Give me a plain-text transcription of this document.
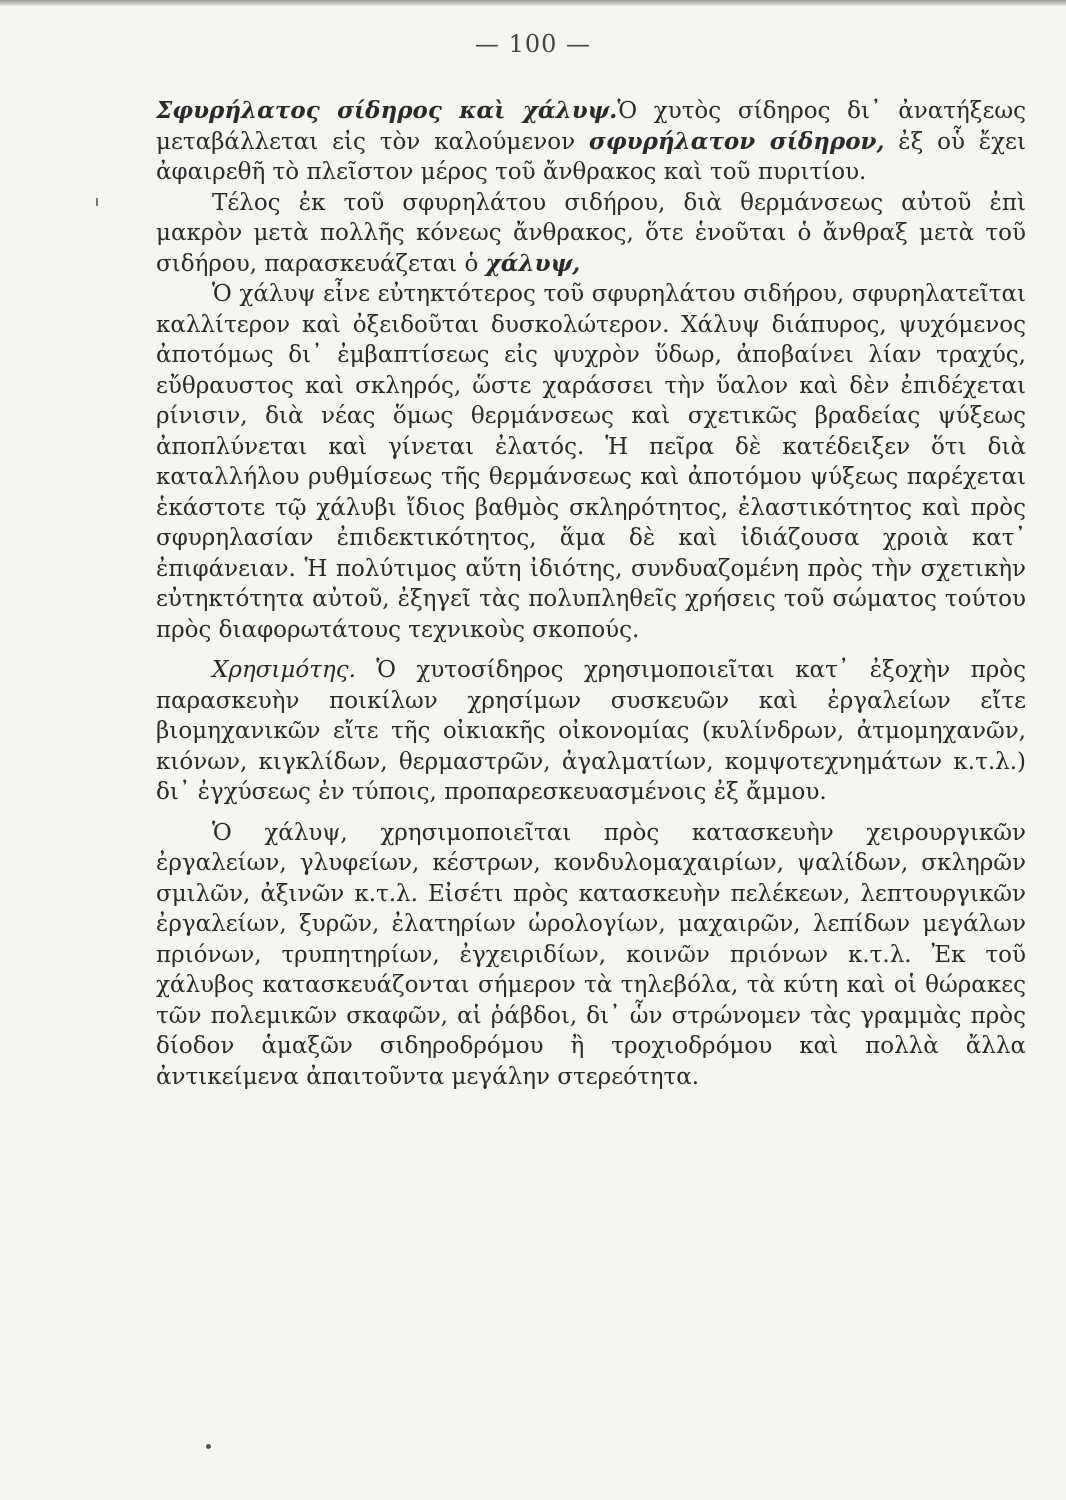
— 100 —

Σφυρήλατος σίδηρος καὶ χάλυψ.Ὁ χυτὸς σίδηρος δι᾽ ἀνατήξεως μεταβάλλεται εἰς τὸν καλούμενον σφυρήλατον σίδηρον, ἐξ οὗ ἔχει ἀφαιρεθῆ τὸ πλεῖστον μέρος τοῦ ἄνθρακος καὶ τοῦ πυριτίου.

Τέλος ἐκ τοῦ σφυρηλάτου σιδήρου, διὰ θερμάνσεως αὐτοῦ ἐπὶ μακρὸν μετὰ πολλῆς κόνεως ἄνθρακος, ὅτε ἑνοῦται ὁ ἄνθραξ μετὰ τοῦ σιδήρου, παρασκευάζεται ὁ χάλυψ,

Ὁ χάλυψ εἶνε εὐτηκτότερος τοῦ σφυρηλάτου σιδήρου, σφυρηλατεῖται καλλίτερον καὶ ὀξειδοῦται δυσκολώτερον. Χάλυψ διάπυρος, ψυχόμενος ἀποτόμως δι᾽ ἐμβαπτίσεως εἰς ψυχρὸν ὕδωρ, ἀποβαίνει λίαν τραχύς, εὔθραυστος καὶ σκληρός, ὥστε χαράσσει τὴν ὕαλον καὶ δὲν ἐπιδέχεται ρίνισιν, διὰ νέας ὅμως θερμάνσεως καὶ σχετικῶς βραδείας ψύξεως ἀποπλύνεται καὶ γίνεται ἐλατός. Ἡ πεῖρα δὲ κατέδειξεν ὅτι διὰ καταλλήλου ρυθμίσεως τῆς θερμάνσεως καὶ ἀποτόμου ψύξεως παρέχεται ἑκάστοτε τῷ χάλυβι ἴδιος βαθμὸς σκληρότητος, ἐλαστικότητος καὶ πρὸς σφυρηλασίαν ἐπιδεκτικότητος, ἅμα δὲ καὶ ἰδιάζουσα χροιὰ κατ᾽ ἐπιφάνειαν. Ἡ πολύτιμος αὕτη ἰδιότης, συνδυαζομένη πρὸς τὴν σχετικὴν εὐτηκτότητα αὐτοῦ, ἐξηγεῖ τὰς πολυπληθεῖς χρήσεις τοῦ σώματος τούτου πρὸς διαφορωτάτους τεχνικοὺς σκοπούς.

Χρησιμότης. Ὁ χυτοσίδηρος χρησιμοποιεῖται κατ᾽ ἐξοχὴν πρὸς παρασκευὴν ποικίλων χρησίμων συσκευῶν καὶ ἐργαλείων εἴτε βιομηχανικῶν εἴτε τῆς οἰκιακῆς οἰκονομίας (κυλίνδρων, ἀτμομηχανῶν, κιόνων, κιγκλίδων, θερμαστρῶν, ἀγαλματίων, κομψοτεχνημάτων κ.τ.λ.) δι᾽ ἐγχύσεως ἐν τύποις, προπαρεσκευασμένοις ἐξ ἄμμου.

Ὁ χάλυψ, χρησιμοποιεῖται πρὸς κατασκευὴν χειρουργικῶν ἐργαλείων, γλυφείων, κέστρων, κονδυλομαχαιρίων, ψαλίδων, σκληρῶν σμιλῶν, ἀξινῶν κ.τ.λ. Εἰσέτι πρὸς κατασκευὴν πελέκεων, λεπτουργικῶν ἐργαλείων, ξυρῶν, ἐλατηρίων ὡρολογίων, μαχαιρῶν, λεπίδων μεγάλων πριόνων, τρυπητηρίων, ἐγχειριδίων, κοινῶν πριόνων κ.τ.λ. Ἐκ τοῦ χάλυβος κατασκευάζονται σήμερον τὰ τηλεβόλα, τὰ κύτη καὶ οἱ θώρακες τῶν πολεμικῶν σκαφῶν, αἱ ῥάβδοι, δι᾽ ὧν στρώνομεν τὰς γραμμὰς πρὸς δίοδον ἁμαξῶν σιδηροδρόμου ἢ τροχιοδρόμου καὶ πολλὰ ἄλλα ἀντικείμενα ἀπαιτοῦντα μεγάλην στερεότητα.
